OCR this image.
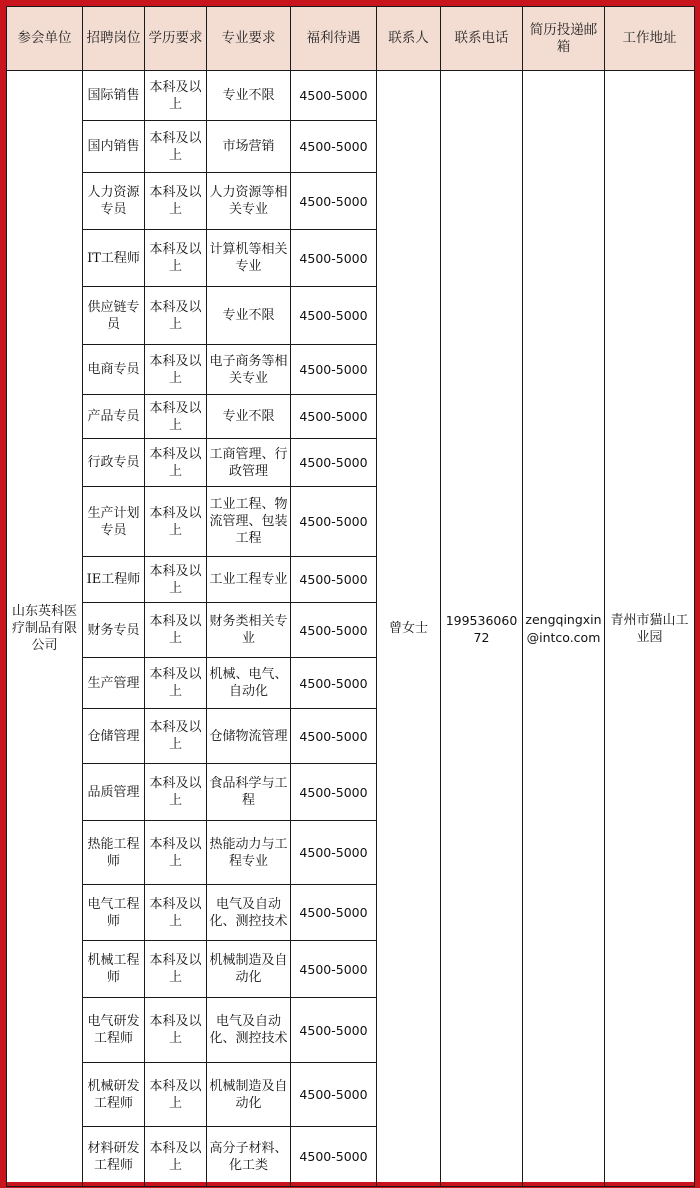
参会单位	招聘岗位	学历要求	专业要求	福利待遇	联系人	联系电话	简历投递邮箱	工作地址
山东英科医疗制品有限公司	国际销售	本科及以上	专业不限	4500-5000	曾女士	19953606072	zengqingxin@intco.com	青州市猫山工业园
	国内销售	本科及以上	市场营销	4500-5000				
	人力资源专员	本科及以上	人力资源等相关专业	4500-5000				
	IT工程师	本科及以上	计算机等相关专业	4500-5000				
	供应链专员	本科及以上	专业不限	4500-5000				
	电商专员	本科及以上	电子商务等相关专业	4500-5000				
	产品专员	本科及以上	专业不限	4500-5000				
	行政专员	本科及以上	工商管理、行政管理	4500-5000				
	生产计划专员	本科及以上	工业工程、物流管理、包装工程	4500-5000				
	IE工程师	本科及以上	工业工程专业	4500-5000				
	财务专员	本科及以上	财务类相关专业	4500-5000				
	生产管理	本科及以上	机械、电气、自动化	4500-5000				
	仓储管理	本科及以上	仓储物流管理	4500-5000				
	品质管理	本科及以上	食品科学与工程	4500-5000				
	热能工程师	本科及以上	热能动力与工程专业	4500-5000				
	电气工程师	本科及以上	电气及自动化、测控技术	4500-5000				
	机械工程师	本科及以上	机械制造及自动化	4500-5000				
	电气研发工程师	本科及以上	电气及自动化、测控技术	4500-5000				
	机械研发工程师	本科及以上	机械制造及自动化	4500-5000				
	材料研发工程师	本科及以上	高分子材料、化工类	4500-5000				
